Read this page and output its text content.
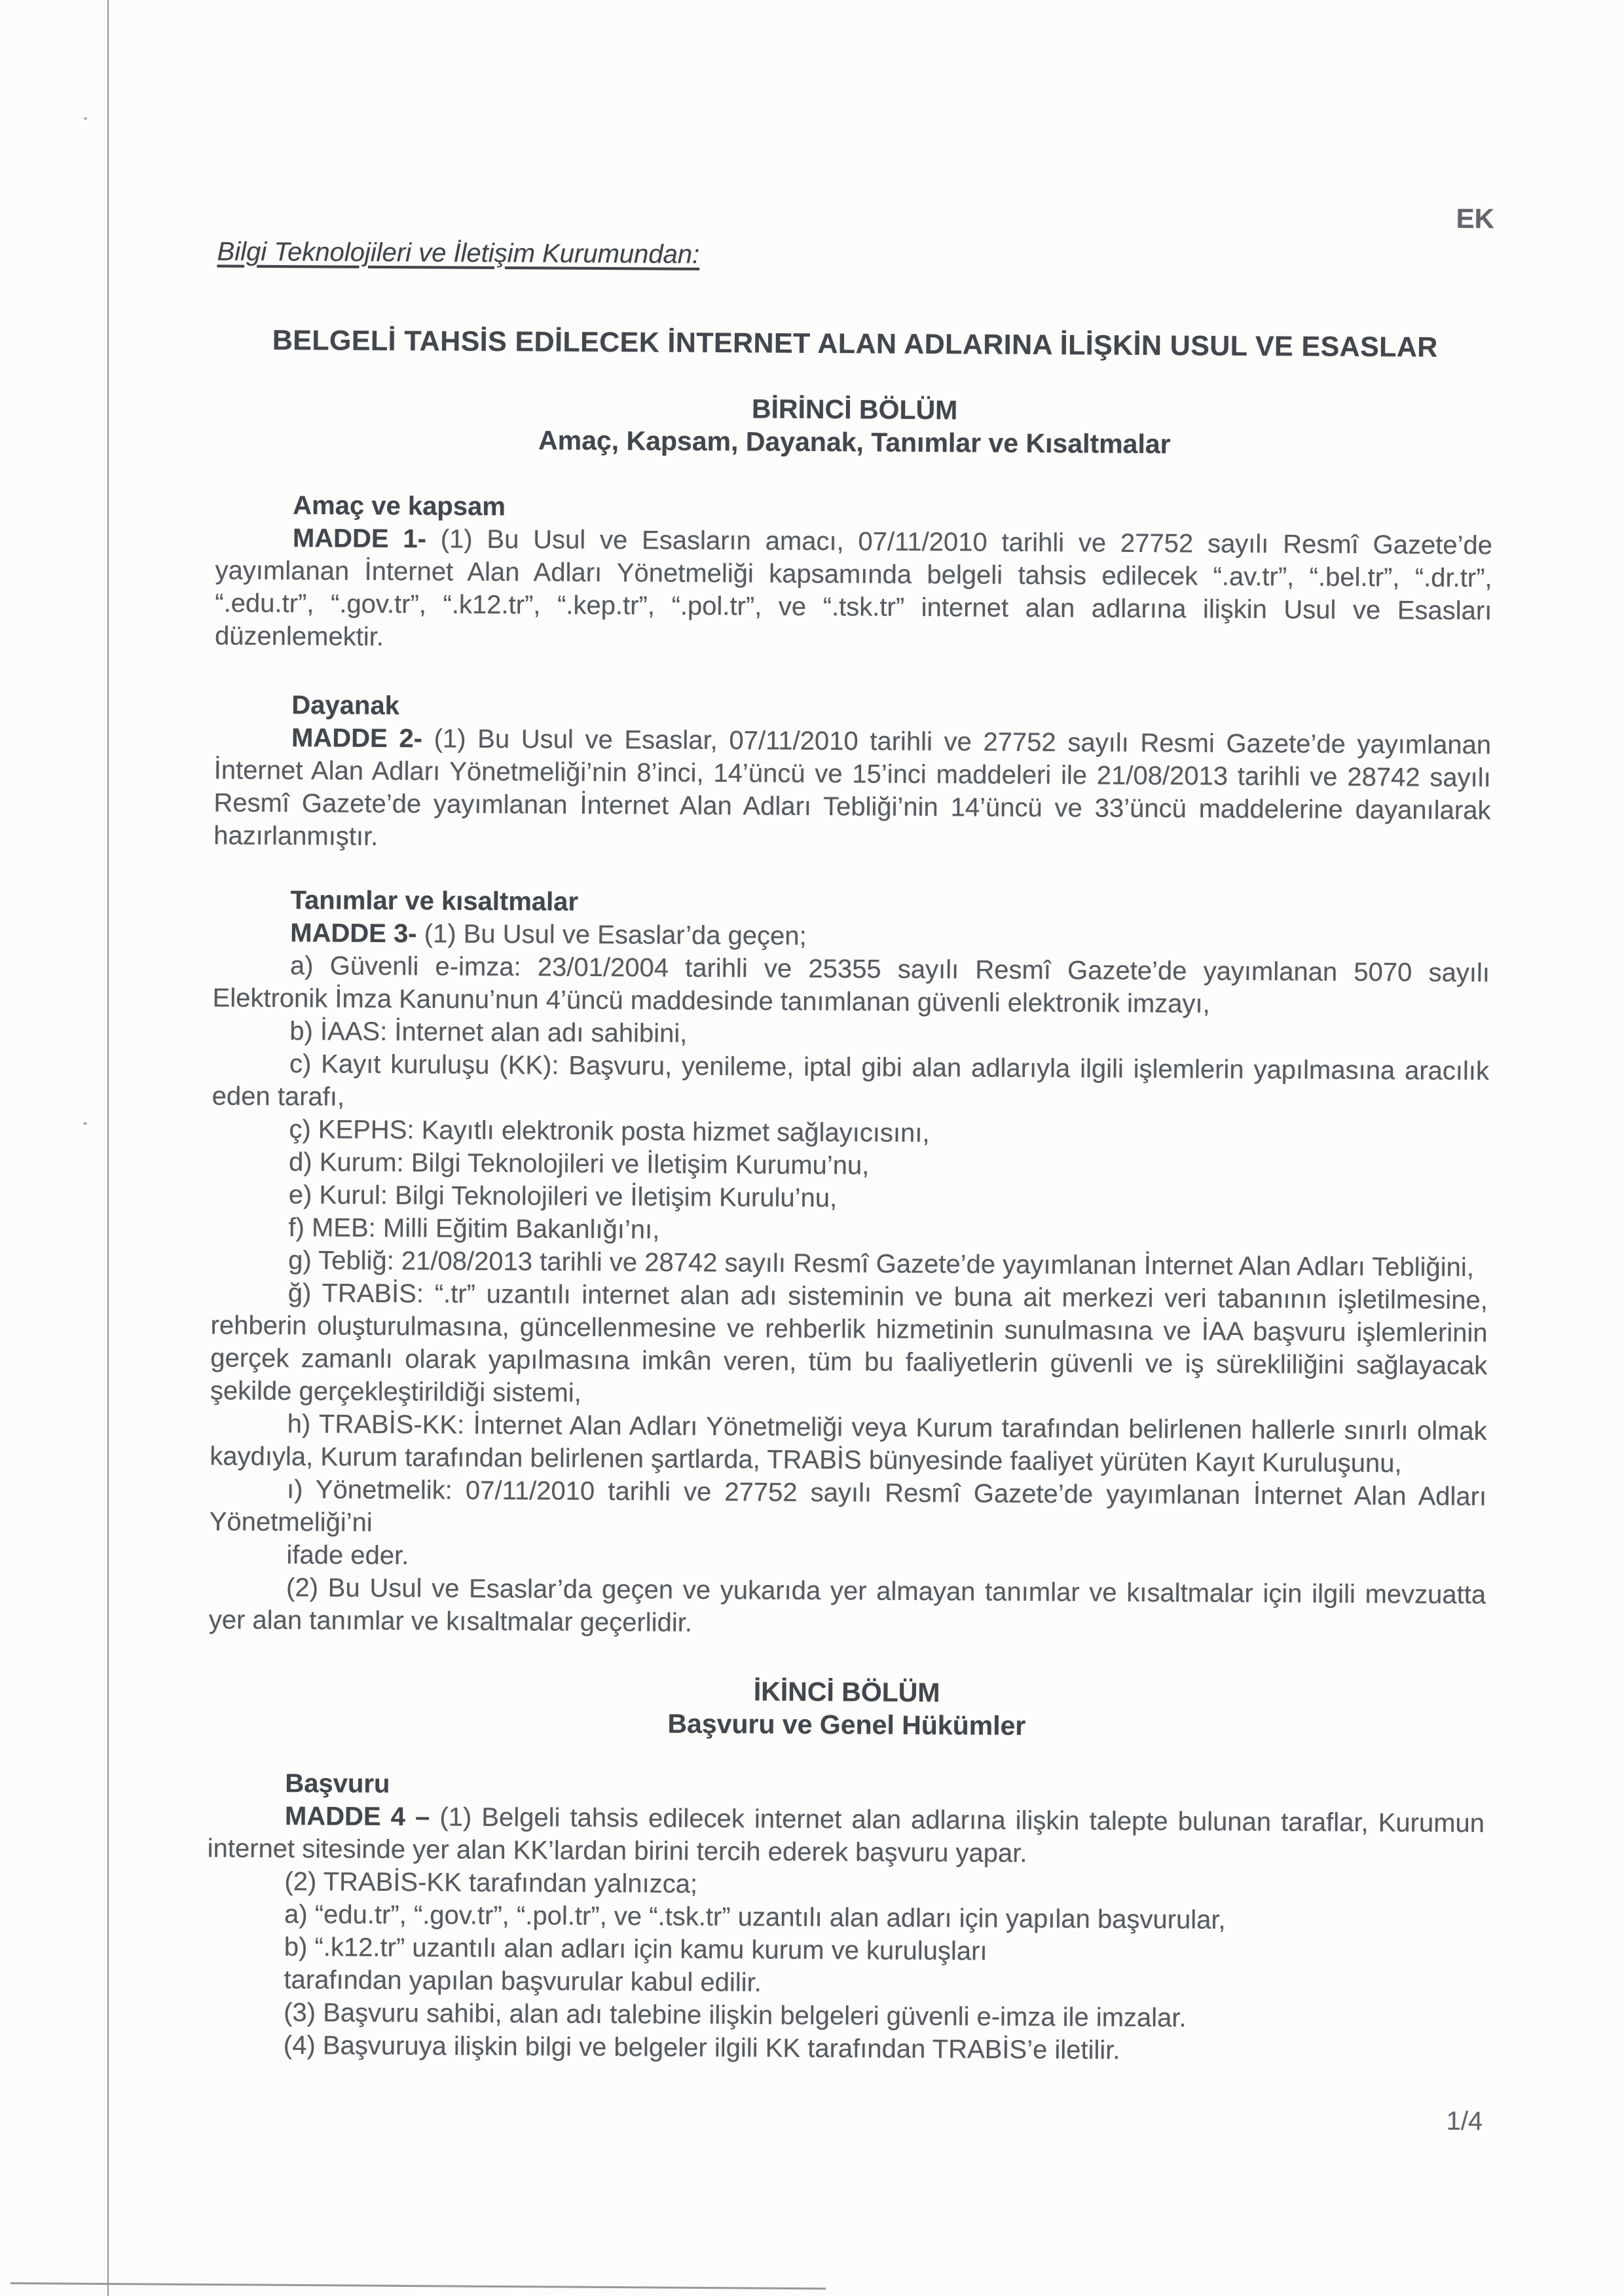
EK
Bilgi Teknolojileri ve İletişim Kurumundan:
BELGELİ TAHSİS EDİLECEK İNTERNET ALAN ADLARINA İLİŞKİN USUL VE ESASLAR
BİRİNCİ BÖLÜM
Amaç, Kapsam, Dayanak, Tanımlar ve Kısaltmalar
Amaç ve kapsam

MADDE 1- (1) Bu Usul ve Esasların amacı, 07/11/2010 tarihli ve 27752 sayılı Resmî Gazete’de yayımlanan İnternet Alan Adları Yönetmeliği kapsamında belgeli tahsis edilecek “.av.tr”, “.bel.tr”, “.dr.tr”, “.edu.tr”, “.gov.tr”, “.k12.tr”, “.kep.tr”, “.pol.tr”, ve “.tsk.tr” internet alan adlarına ilişkin Usul ve Esasları düzenlemektir.

Dayanak

MADDE 2- (1) Bu Usul ve Esaslar, 07/11/2010 tarihli ve 27752 sayılı Resmi Gazete’de yayımlanan İnternet Alan Adları Yönetmeliği’nin 8’inci, 14’üncü ve 15’inci maddeleri ile 21/08/2013 tarihli ve 28742 sayılı Resmî Gazete’de yayımlanan İnternet Alan Adları Tebliği’nin 14’üncü ve 33’üncü maddelerine dayanılarak hazırlanmıştır.

Tanımlar ve kısaltmalar

MADDE 3- (1) Bu Usul ve Esaslar’da geçen;

a) Güvenli e-imza: 23/01/2004 tarihli ve 25355 sayılı Resmî Gazete’de yayımlanan 5070 sayılı Elektronik İmza Kanunu’nun 4’üncü maddesinde tanımlanan güvenli elektronik imzayı,

b) İAAS: İnternet alan adı sahibini,

c) Kayıt kuruluşu (KK): Başvuru, yenileme, iptal gibi alan adlarıyla ilgili işlemlerin yapılmasına aracılık eden tarafı,

ç) KEPHS: Kayıtlı elektronik posta hizmet sağlayıcısını,

d) Kurum: Bilgi Teknolojileri ve İletişim Kurumu’nu,

e) Kurul: Bilgi Teknolojileri ve İletişim Kurulu’nu,

f) MEB: Milli Eğitim Bakanlığı’nı,

g) Tebliğ: 21/08/2013 tarihli ve 28742 sayılı Resmî Gazete’de yayımlanan İnternet Alan Adları Tebliğini,

ğ) TRABİS: “.tr” uzantılı internet alan adı sisteminin ve buna ait merkezi veri tabanının işletilmesine, rehberin oluşturulmasına, güncellenmesine ve rehberlik hizmetinin sunulmasına ve İAA başvuru işlemlerinin gerçek zamanlı olarak yapılmasına imkân veren, tüm bu faaliyetlerin güvenli ve iş sürekliliğini sağlayacak şekilde gerçekleştirildiği sistemi,

h) TRABİS-KK: İnternet Alan Adları Yönetmeliği veya Kurum tarafından belirlenen hallerle sınırlı olmak kaydıyla, Kurum tarafından belirlenen şartlarda, TRABİS bünyesinde faaliyet yürüten Kayıt Kuruluşunu,

ı) Yönetmelik: 07/11/2010 tarihli ve 27752 sayılı Resmî Gazete’de yayımlanan İnternet Alan Adları Yönetmeliği’ni

ifade eder.

(2) Bu Usul ve Esaslar’da geçen ve yukarıda yer almayan tanımlar ve kısaltmalar için ilgili mevzuatta yer alan tanımlar ve kısaltmalar geçerlidir.

İKİNCİ BÖLÜM
Başvuru ve Genel Hükümler
Başvuru

MADDE 4 – (1) Belgeli tahsis edilecek internet alan adlarına ilişkin talepte bulunan taraflar, Kurumun internet sitesinde yer alan KK’lardan birini tercih ederek başvuru yapar.

(2) TRABİS-KK tarafından yalnızca;

a) “edu.tr”, “.gov.tr”, “.pol.tr”, ve “.tsk.tr” uzantılı alan adları için yapılan başvurular,

b) “.k12.tr” uzantılı alan adları için kamu kurum ve kuruluşları

tarafından yapılan başvurular kabul edilir.

(3) Başvuru sahibi, alan adı talebine ilişkin belgeleri güvenli e-imza ile imzalar.

(4) Başvuruya ilişkin bilgi ve belgeler ilgili KK tarafından TRABİS’e iletilir.

1/4
